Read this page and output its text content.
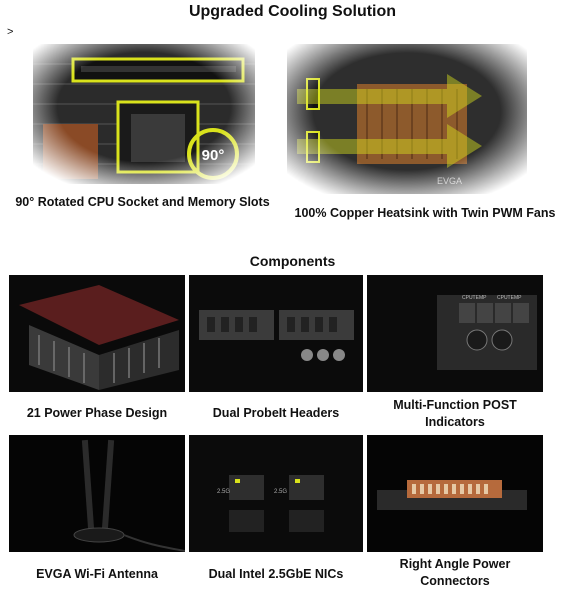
Upgraded Cooling Solution
>
90° Rotated CPU Socket and Memory Slots
100% Copper Heatsink with Twin PWM Fans
Components
CPUTEMP CPUTEMP
21 Power Phase Design	Dual ProbeIt Headers
Multi-Function POST Indicators
2.5G	2.5G
EVGA Wi-Fi Antenna	Dual Intel 2.5GbE NICs
Right Angle Power Connectors
